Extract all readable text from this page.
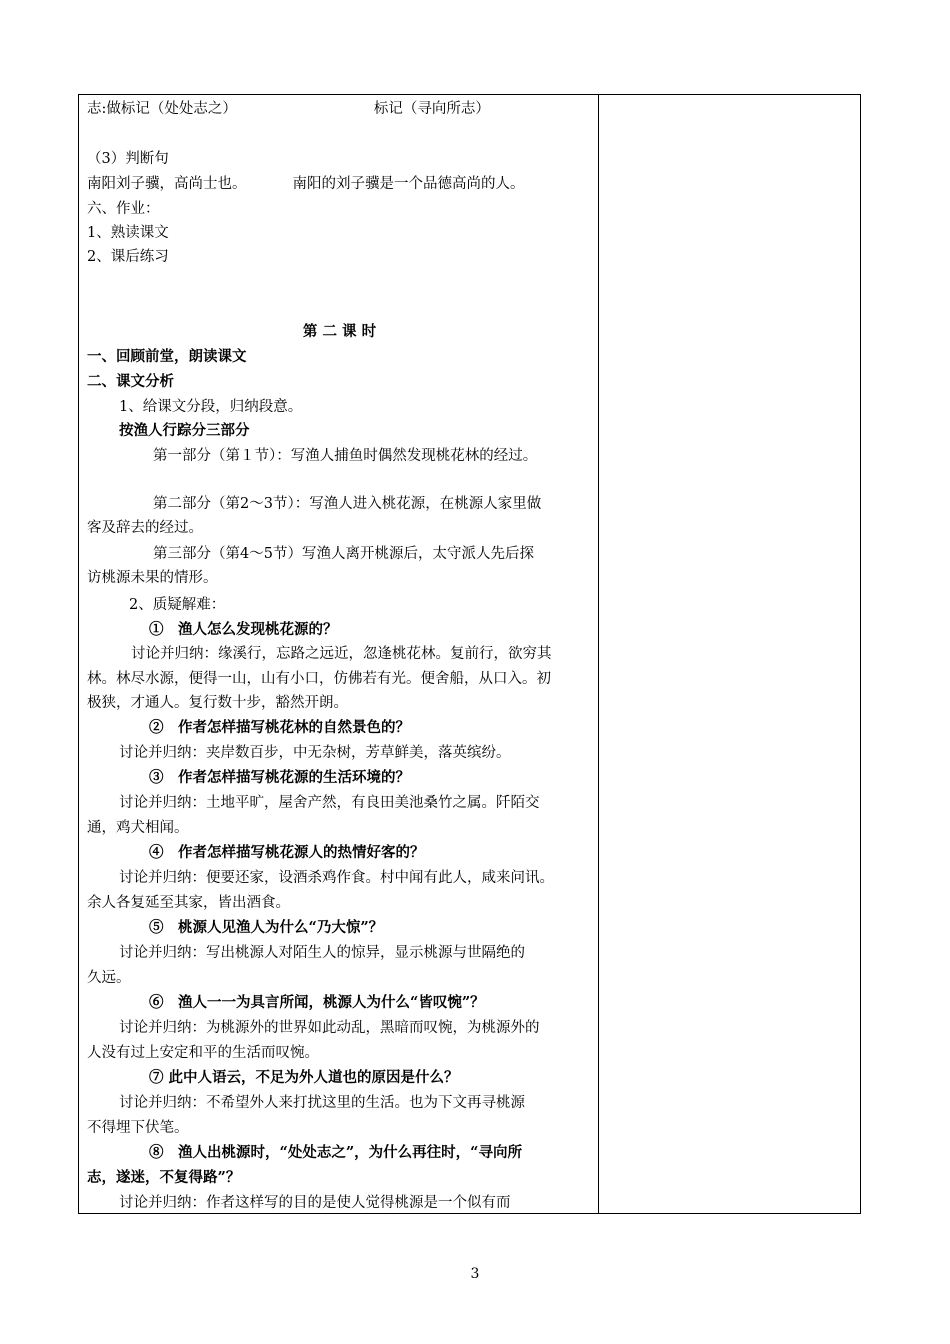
志:做标记（处处志之）	标记（寻向所志）
（3）判断句
南阳刘子骥，高尚士也。	南阳的刘子骥是一个品德高尚的人。
六、作业：
1、熟读课文
2、课后练习
第 二 课 时
一、回顾前堂，朗读课文
二、课文分析
1、给课文分段，归纳段意。
按渔人行踪分三部分
第一部分（第１节）：写渔人捕鱼时偶然发现桃花林的经过。
第二部分（第2～3节）：写渔人进入桃花源，在桃源人家里做
客及辞去的经过。
第三部分（第4～5节）写渔人离开桃源后，太守派人先后探
访桃源未果的情形。
2、质疑解难：
①　渔人怎么发现桃花源的？
讨论并归纳：缘溪行，忘路之远近，忽逢桃花林。复前行，欲穷其
林。林尽水源，便得一山，山有小口，仿佛若有光。便舍船，从口入。初
极狭，才通人。复行数十步，豁然开朗。
②　作者怎样描写桃花林的自然景色的？
讨论并归纳：夹岸数百步，中无杂树，芳草鲜美，落英缤纷。
③　作者怎样描写桃花源的生活环境的？
讨论并归纳：土地平旷，屋舍产然，有良田美池桑竹之属。阡陌交
通，鸡犬相闻。
④　作者怎样描写桃花源人的热情好客的？
讨论并归纳：便要还家，设酒杀鸡作食。村中闻有此人，咸来问讯。
余人各复延至其家，皆出酒食。
⑤　桃源人见渔人为什么“乃大惊”？
讨论并归纳：写出桃源人对陌生人的惊异，显示桃源与世隔绝的
久远。
⑥　渔人一一为具言所闻，桃源人为什么“皆叹惋”？
讨论并归纳：为桃源外的世界如此动乱，黑暗而叹惋，为桃源外的
人没有过上安定和平的生活而叹惋。
⑦ 此中人语云，不足为外人道也的原因是什么？
讨论并归纳：不希望外人来打扰这里的生活。也为下文再寻桃源
不得埋下伏笔。
⑧　渔人出桃源时，“处处志之”，为什么再往时，“寻向所
志，遂迷，不复得路”？
讨论并归纳：作者这样写的目的是使人觉得桃源是一个似有而
3
